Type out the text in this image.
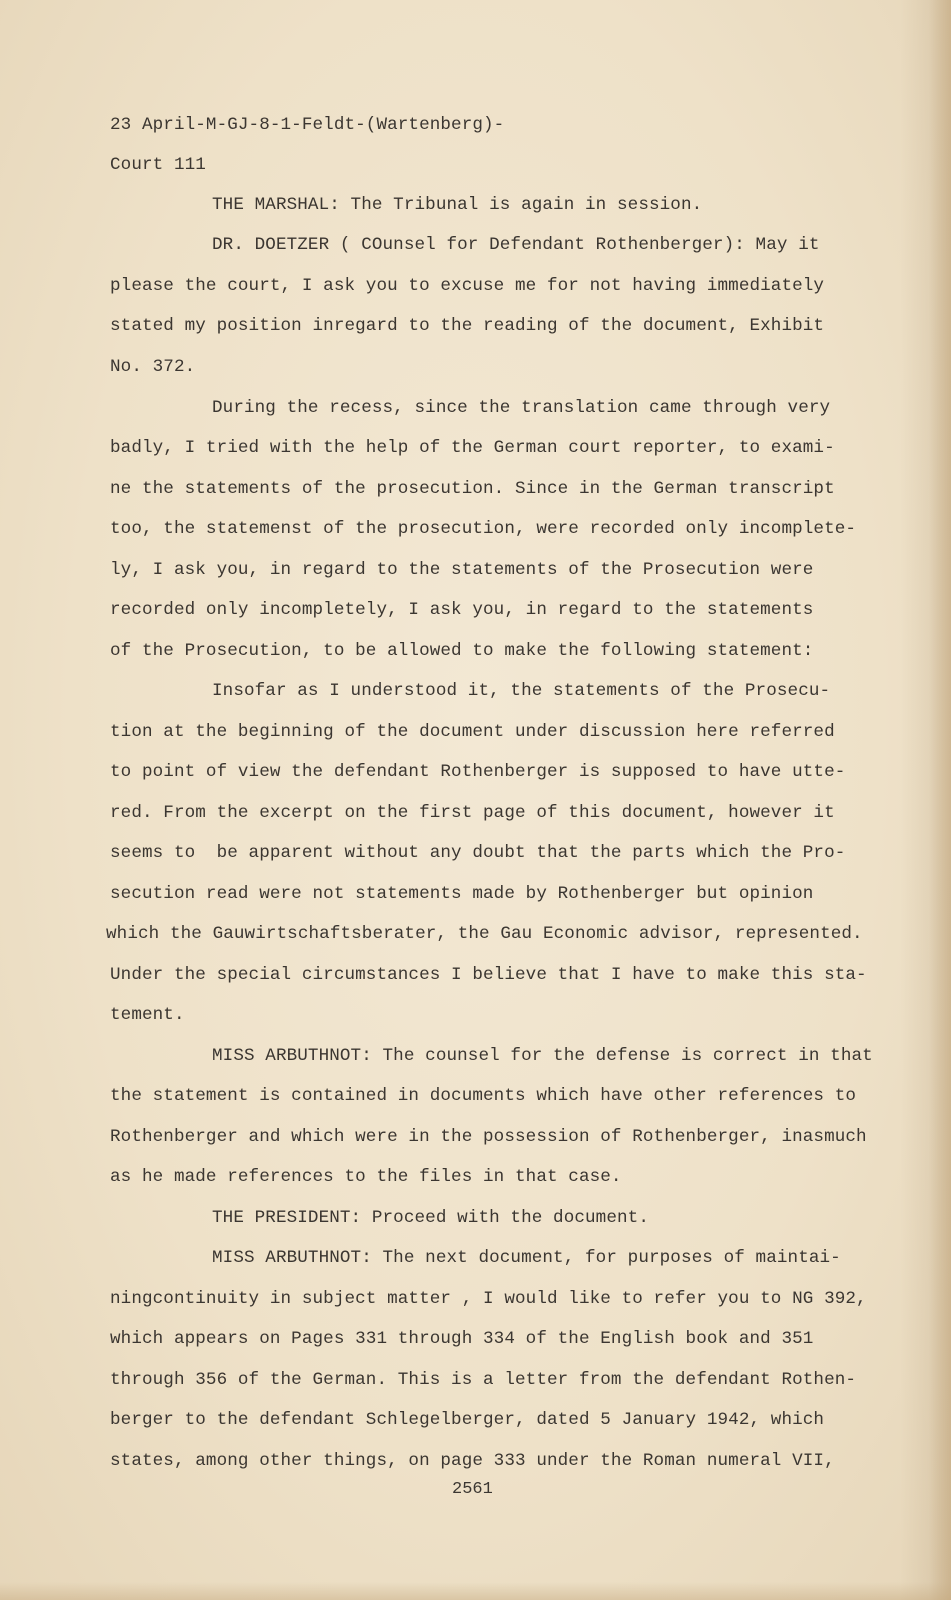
23 April-M-GJ-8-1-Feldt-(Wartenberg)-
Court 111
THE MARSHAL: The Tribunal is again in session.
DR. DOETZER ( COunsel for Defendant Rothenberger): May it
please the court, I ask you to excuse me for not having immediately
stated my position inregard to the reading of the document, Exhibit
No. 372.
During the recess, since the translation came through very
badly, I tried with the help of the German court reporter, to exami-
ne the statements of the prosecution. Since in the German transcript
too, the statemenst of the prosecution, were recorded only incomplete-
ly, I ask you, in regard to the statements of the Prosecution were
recorded only incompletely, I ask you, in regard to the statements
of the Prosecution, to be allowed to make the following statement:
Insofar as I understood it, the statements of the Prosecu-
tion at the beginning of the document under discussion here referred
to point of view the defendant Rothenberger is supposed to have utte-
red. From the excerpt on the first page of this document, however it
seems to  be apparent without any doubt that the parts which the Pro-
secution read were not statements made by Rothenberger but opinion
which the Gauwirtschaftsberater, the Gau Economic advisor, represented.
Under the special circumstances I believe that I have to make this sta-
tement.
MISS ARBUTHNOT: The counsel for the defense is correct in that
the statement is contained in documents which have other references to
Rothenberger and which were in the possession of Rothenberger, inasmuch
as he made references to the files in that case.
THE PRESIDENT: Proceed with the document.
MISS ARBUTHNOT: The next document, for purposes of maintai-
ningcontinuity in subject matter , I would like to refer you to NG 392,
which appears on Pages 331 through 334 of the English book and 351
through 356 of the German. This is a letter from the defendant Rothen-
berger to the defendant Schlegelberger, dated 5 January 1942, which
states, among other things, on page 333 under the Roman numeral VII,
2561
